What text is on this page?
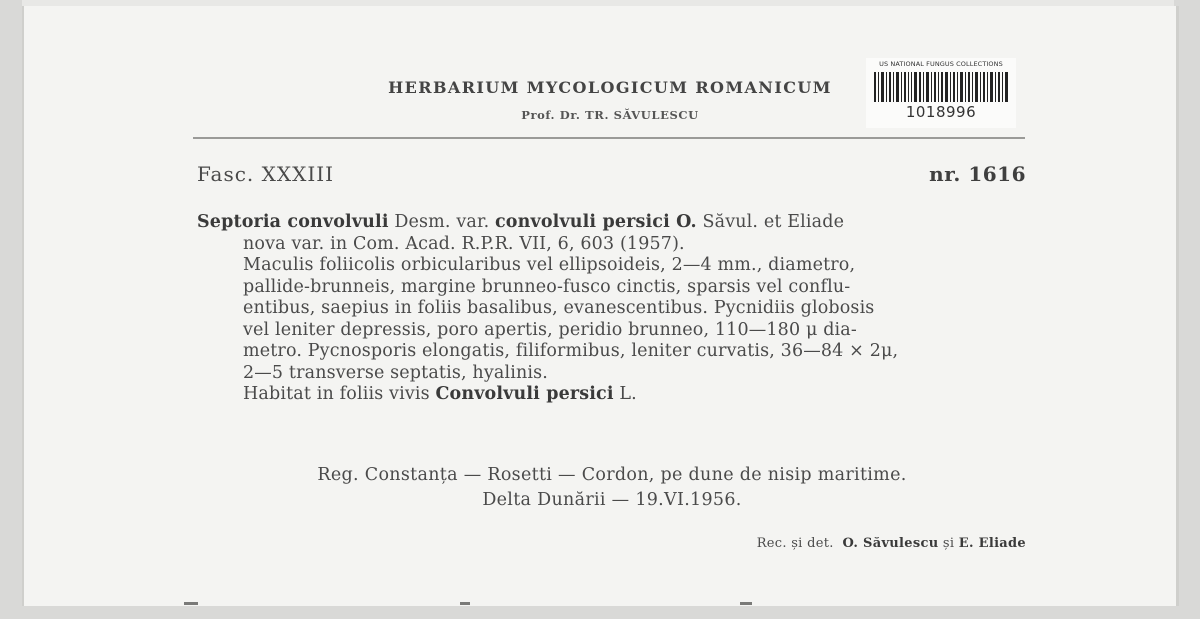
HERBARIUM MYCOLOGICUM ROMANICUM
Prof. Dr. TR. SĂVULESCU
US NATIONAL FUNGUS COLLECTIONS
1018996
Fasc. XXXIII	nr. 1616
Septoria convolvuli Desm. var. convolvuli persici O. Săvul. et Eliade
nova var. in Com. Acad. R.P.R. VII, 6, 603 (1957).
Maculis foliicolis orbicularibus vel ellipsoideis, 2—4 mm., diametro,
pallide-brunneis, margine brunneo-fusco cinctis, sparsis vel conflu-
entibus, saepius in foliis basalibus, evanescentibus. Pycnidiis globosis
vel leniter depressis, poro apertis, peridio brunneo, 110—180 μ dia-
metro. Pycnosporis elongatis, filiformibus, leniter curvatis, 36—84 × 2μ,
2—5 transverse septatis, hyalinis.
Habitat in foliis vivis Convolvuli persici L.
Reg. Constanța — Rosetti — Cordon, pe dune de nisip maritime.
Delta Dunării — 19.VI.1956.
Rec. și det. O. Săvulescu și E. Eliade
